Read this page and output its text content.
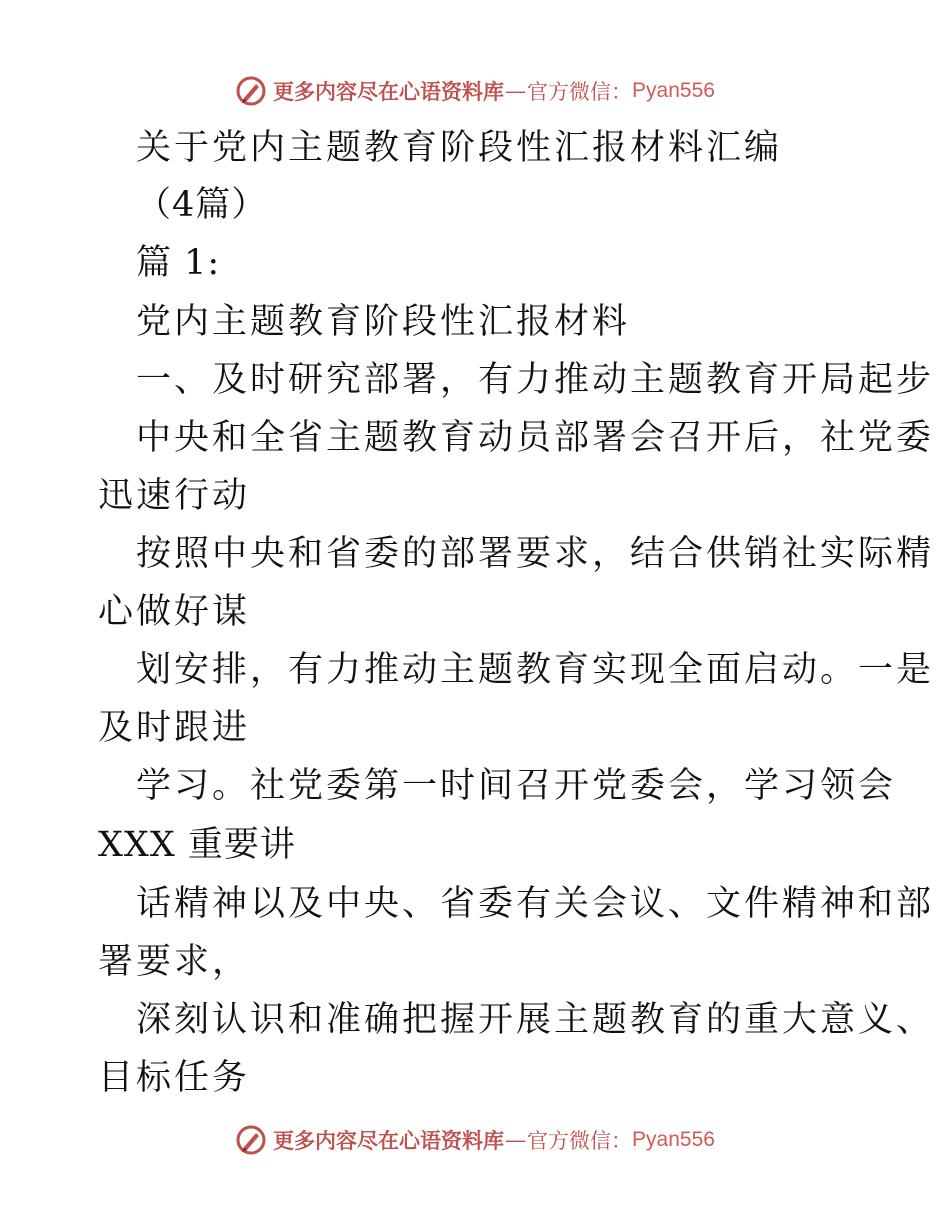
更多内容尽在心语资料库 — 官方微信： Pyan556
关于党内主题教育阶段性汇报材料汇编
（4篇）
篇 1:
党内主题教育阶段性汇报材料
一、及时研究部署，有力推动主题教育开局起步
中央和全省主题教育动员部署会召开后，社党委
迅速行动
按照中央和省委的部署要求，结合供销社实际精
心做好谋
划安排，有力推动主题教育实现全面启动。一是
及时跟进
学习。社党委第一时间召开党委会，学习领会
XXX 重要讲
话精神以及中央、省委有关会议、文件精神和部
署要求，
深刻认识和准确把握开展主题教育的重大意义、
目标任务
更多内容尽在心语资料库 — 官方微信： Pyan556
